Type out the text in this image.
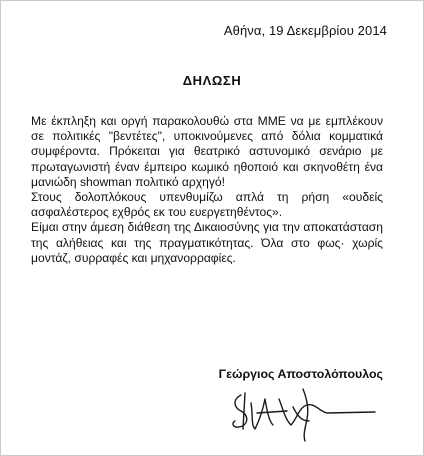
Αθήνα, 19 Δεκεμβρίου 2014
ΔΗΛΩΣΗ

Με έκπληξη και οργή παρακολουθώ στα ΜΜΕ να με εμπλέκουν σε πολιτικές "βεντέτες", υποκινούμενες από δόλια κομματικά συμφέροντα. Πρόκειται για θεατρικό αστυνομικό σενάριο με πρωταγωνιστή έναν έμπειρο κωμικό ηθοποιό και σκηνοθέτη ένα μανιώδη showman πολιτικό αρχηγό!

Στους δολοπλόκους υπενθυμίζω απλά τη ρήση «ουδείς ασφαλέστερος εχθρός εκ του ευεργετηθέντος».

Είμαι στην άμεση διάθεση της Δικαιοσύνης για την αποκατάσταση της αλήθειας και της πραγματικότητας. Όλα στο φως· χωρίς μοντάζ, συρραφές και μηχανορραφίες.

Γεώργιος Αποστολόπουλος
